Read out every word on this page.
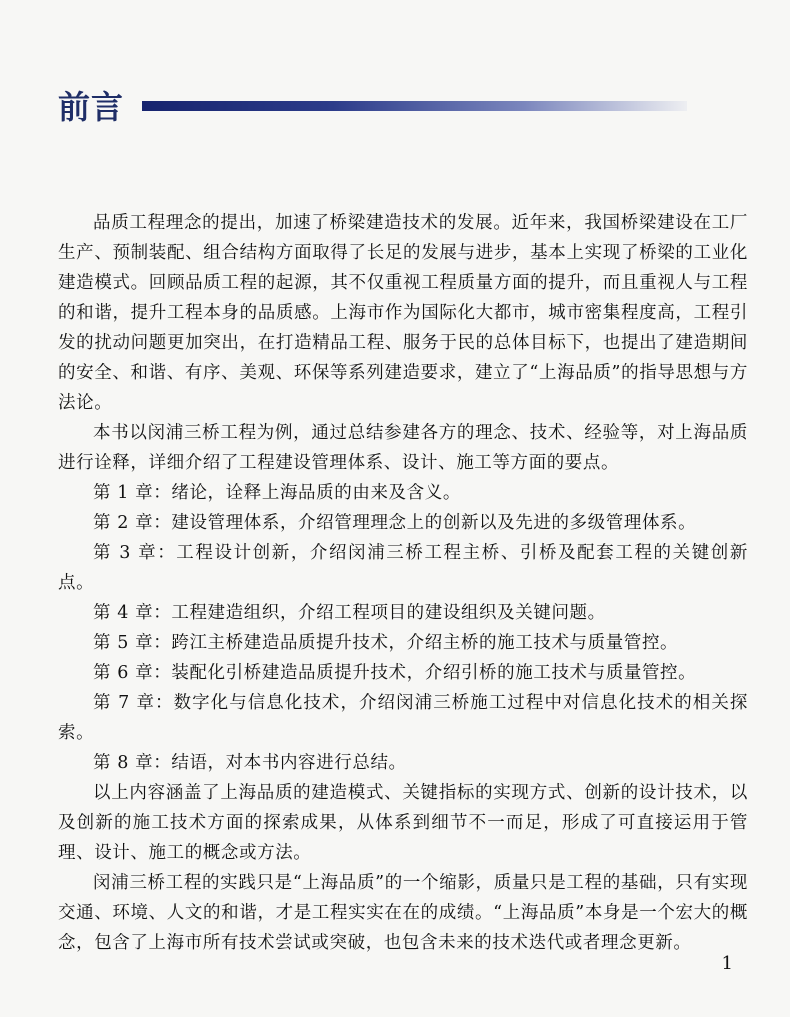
前言

品质工程理念的提出，加速了桥梁建造技术的发展。近年来，我国桥梁建设在工厂生产、预制装配、组合结构方面取得了长足的发展与进步，基本上实现了桥梁的工业化建造模式。回顾品质工程的起源，其不仅重视工程质量方面的提升，而且重视人与工程的和谐，提升工程本身的品质感。上海市作为国际化大都市，城市密集程度高，工程引发的扰动问题更加突出，在打造精品工程、服务于民的总体目标下，也提出了建造期间的安全、和谐、有序、美观、环保等系列建造要求，建立了“上海品质”的指导思想与方法论。

本书以闵浦三桥工程为例，通过总结参建各方的理念、技术、经验等，对上海品质进行诠释，详细介绍了工程建设管理体系、设计、施工等方面的要点。

第 1 章：绪论，诠释上海品质的由来及含义。

第 2 章：建设管理体系，介绍管理理念上的创新以及先进的多级管理体系。

第 3 章：工程设计创新，介绍闵浦三桥工程主桥、引桥及配套工程的关键创新点。

第 4 章：工程建造组织，介绍工程项目的建设组织及关键问题。

第 5 章：跨江主桥建造品质提升技术，介绍主桥的施工技术与质量管控。

第 6 章：装配化引桥建造品质提升技术，介绍引桥的施工技术与质量管控。

第 7 章：数字化与信息化技术，介绍闵浦三桥施工过程中对信息化技术的相关探索。

第 8 章：结语，对本书内容进行总结。

以上内容涵盖了上海品质的建造模式、关键指标的实现方式、创新的设计技术，以及创新的施工技术方面的探索成果，从体系到细节不一而足，形成了可直接运用于管理、设计、施工的概念或方法。

闵浦三桥工程的实践只是“上海品质”的一个缩影，质量只是工程的基础，只有实现交通、环境、人文的和谐，才是工程实实在在的成绩。“上海品质”本身是一个宏大的概念，包含了上海市所有技术尝试或突破，也包含未来的技术迭代或者理念更新。

1
